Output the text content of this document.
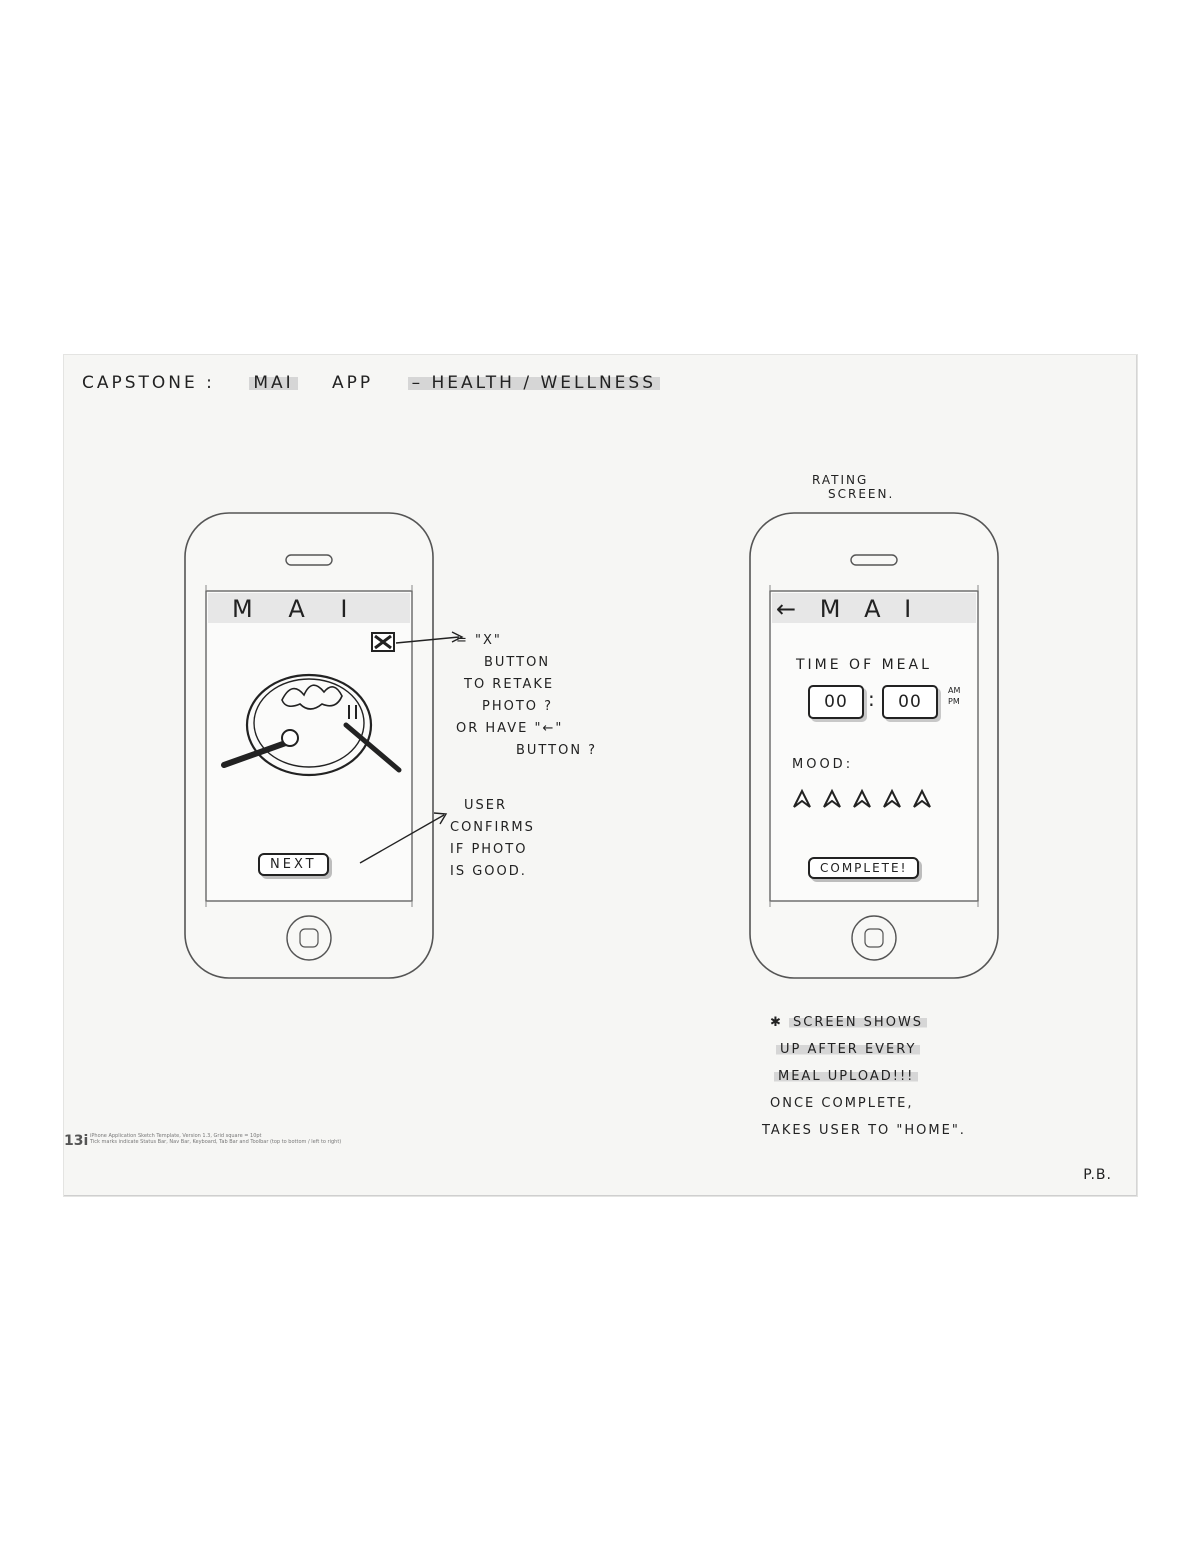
CAPSTONE : MAI APP – HEALTH / WELLNESS
M A I
NEXT
= "X"
BUTTON
TO RETAKE
PHOTO ?
OR HAVE "←"
BUTTON ?
USER
CONFIRMS
IF PHOTO
IS GOOD.
RATING
SCREEN.
← M A I
TIME OF MEAL
00	:	00
AM
PM
MOOD:
COMPLETE!
✱ SCREEN SHOWS
UP AFTER EVERY
MEAL UPLOAD!!!
ONCE COMPLETE,
TAKES USER TO "HOME".
13i iPhone Application Sketch Template, Version 1.3, Grid square = 10pt
Tick marks indicate Status Bar, Nav Bar, Keyboard, Tab Bar and Toolbar (top to bottom / left to right)
P.B.
